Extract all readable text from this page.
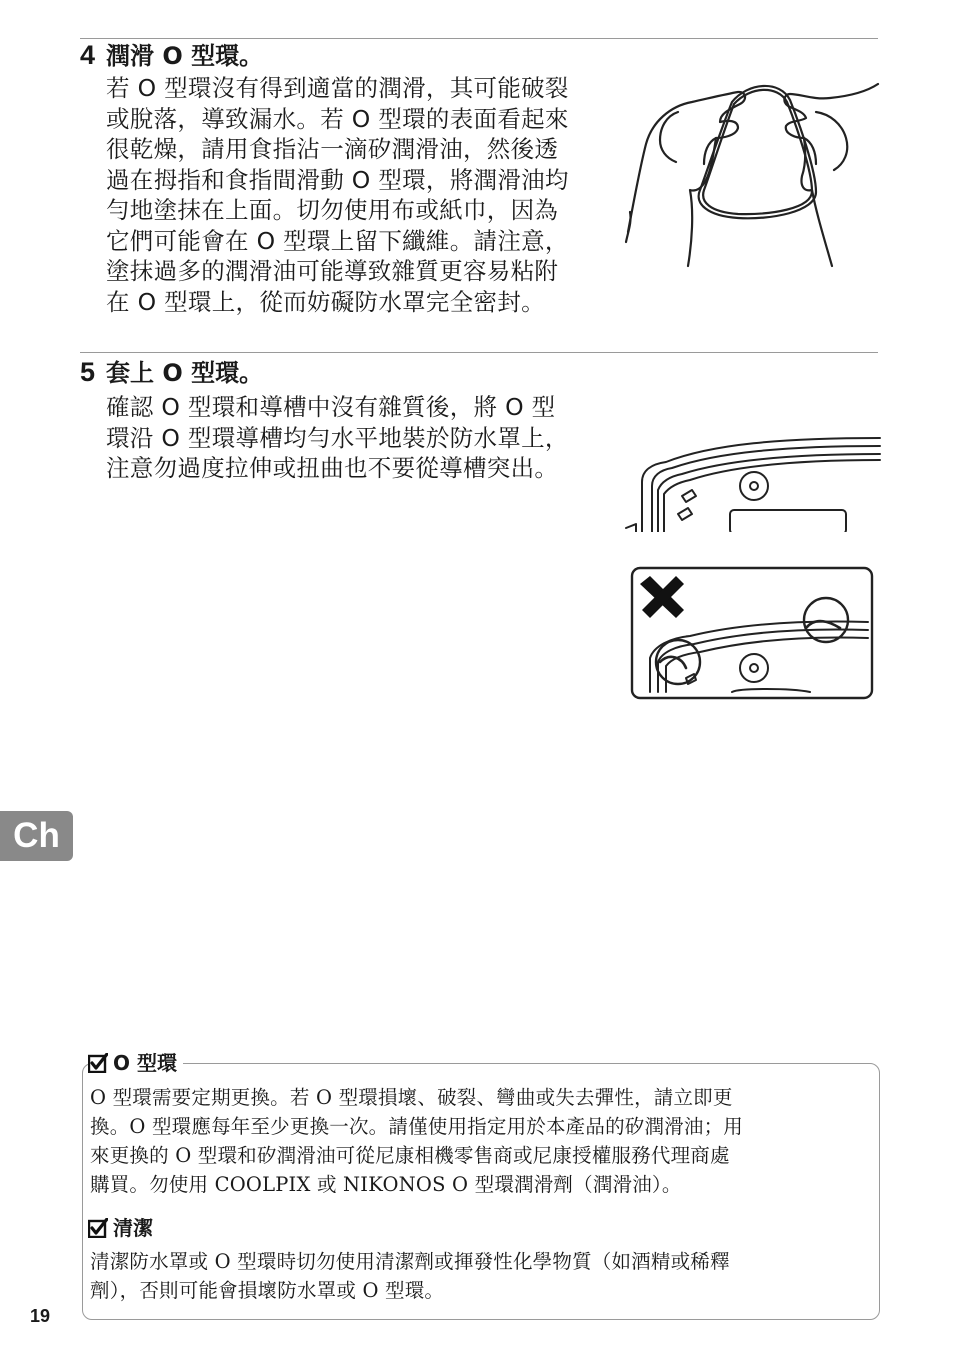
4 潤滑 O 型環。
若 O 型環沒有得到適當的潤滑，其可能破裂
或脫落，導致漏水。若 O 型環的表面看起來
很乾燥，請用食指沾一滴矽潤滑油，然後透
過在拇指和食指間滑動 O 型環，將潤滑油均
勻地塗抹在上面。切勿使用布或紙巾，因為
它們可能會在 O 型環上留下纖維。請注意，
塗抹過多的潤滑油可能導致雜質更容易粘附
在 O 型環上，從而妨礙防水罩完全密封。
5 套上 O 型環。
確認 O 型環和導槽中沒有雜質後，將 O 型
環沿 O 型環導槽均勻水平地裝於防水罩上，
注意勿過度拉伸或扭曲也不要從導槽突出。
Ch
O 型環
O 型環需要定期更換。若 O 型環損壞、破裂、彎曲或失去彈性，請立即更
換。O 型環應每年至少更換一次。請僅使用指定用於本產品的矽潤滑油；用
來更換的 O 型環和矽潤滑油可從尼康相機零售商或尼康授權服務代理商處
購買。勿使用 COOLPIX 或 NIKONOS O 型環潤滑劑（潤滑油）。
清潔
清潔防水罩或 O 型環時切勿使用清潔劑或揮發性化學物質（如酒精或稀釋
劑），否則可能會損壞防水罩或 O 型環。
19
